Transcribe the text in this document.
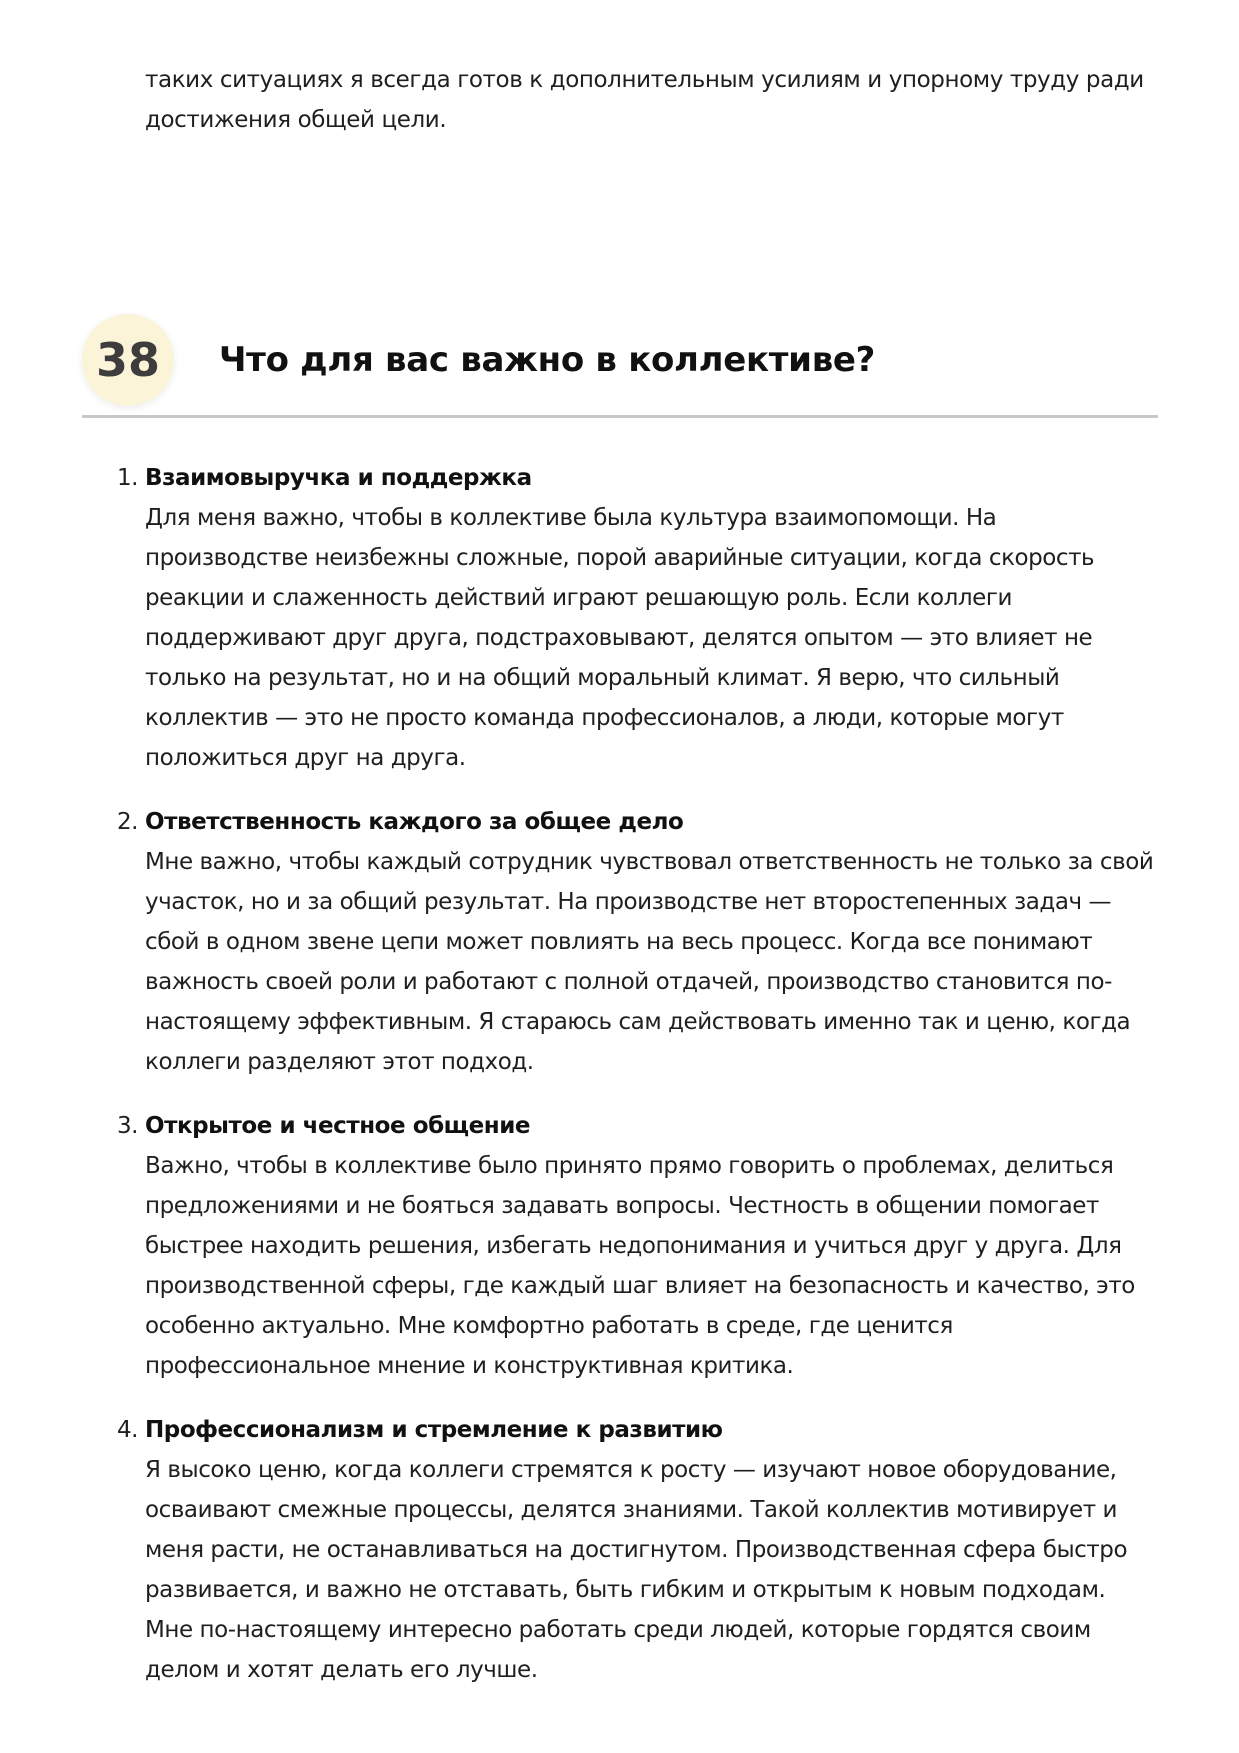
таких ситуациях я всегда готов к дополнительным усилиям и упорному труду ради достижения общей цели.

38	Что для вас важно в коллективе?
1. Взаимовыручка и поддержка
Для меня важно, чтобы в коллективе была культура взаимопомощи. На производстве неизбежны сложные, порой аварийные ситуации, когда скорость реакции и слаженность действий играют решающую роль. Если коллеги поддерживают друг друга, подстраховывают, делятся опытом — это влияет не только на результат, но и на общий моральный климат. Я верю, что сильный коллектив — это не просто команда профессионалов, а люди, которые могут положиться друг на друга.
2. Ответственность каждого за общее дело
Мне важно, чтобы каждый сотрудник чувствовал ответственность не только за свой участок, но и за общий результат. На производстве нет второстепенных задач — сбой в одном звене цепи может повлиять на весь процесс. Когда все понимают важность своей роли и работают с полной отдачей, производство становится по-настоящему эффективным. Я стараюсь сам действовать именно так и ценю, когда коллеги разделяют этот подход.
3. Открытое и честное общение
Важно, чтобы в коллективе было принято прямо говорить о проблемах, делиться предложениями и не бояться задавать вопросы. Честность в общении помогает быстрее находить решения, избегать недопонимания и учиться друг у друга. Для производственной сферы, где каждый шаг влияет на безопасность и качество, это особенно актуально. Мне комфортно работать в среде, где ценится профессиональное мнение и конструктивная критика.
4. Профессионализм и стремление к развитию
Я высоко ценю, когда коллеги стремятся к росту — изучают новое оборудование, осваивают смежные процессы, делятся знаниями. Такой коллектив мотивирует и меня расти, не останавливаться на достигнутом. Производственная сфера быстро развивается, и важно не отставать, быть гибким и открытым к новым подходам. Мне по-настоящему интересно работать среди людей, которые гордятся своим делом и хотят делать его лучше.
